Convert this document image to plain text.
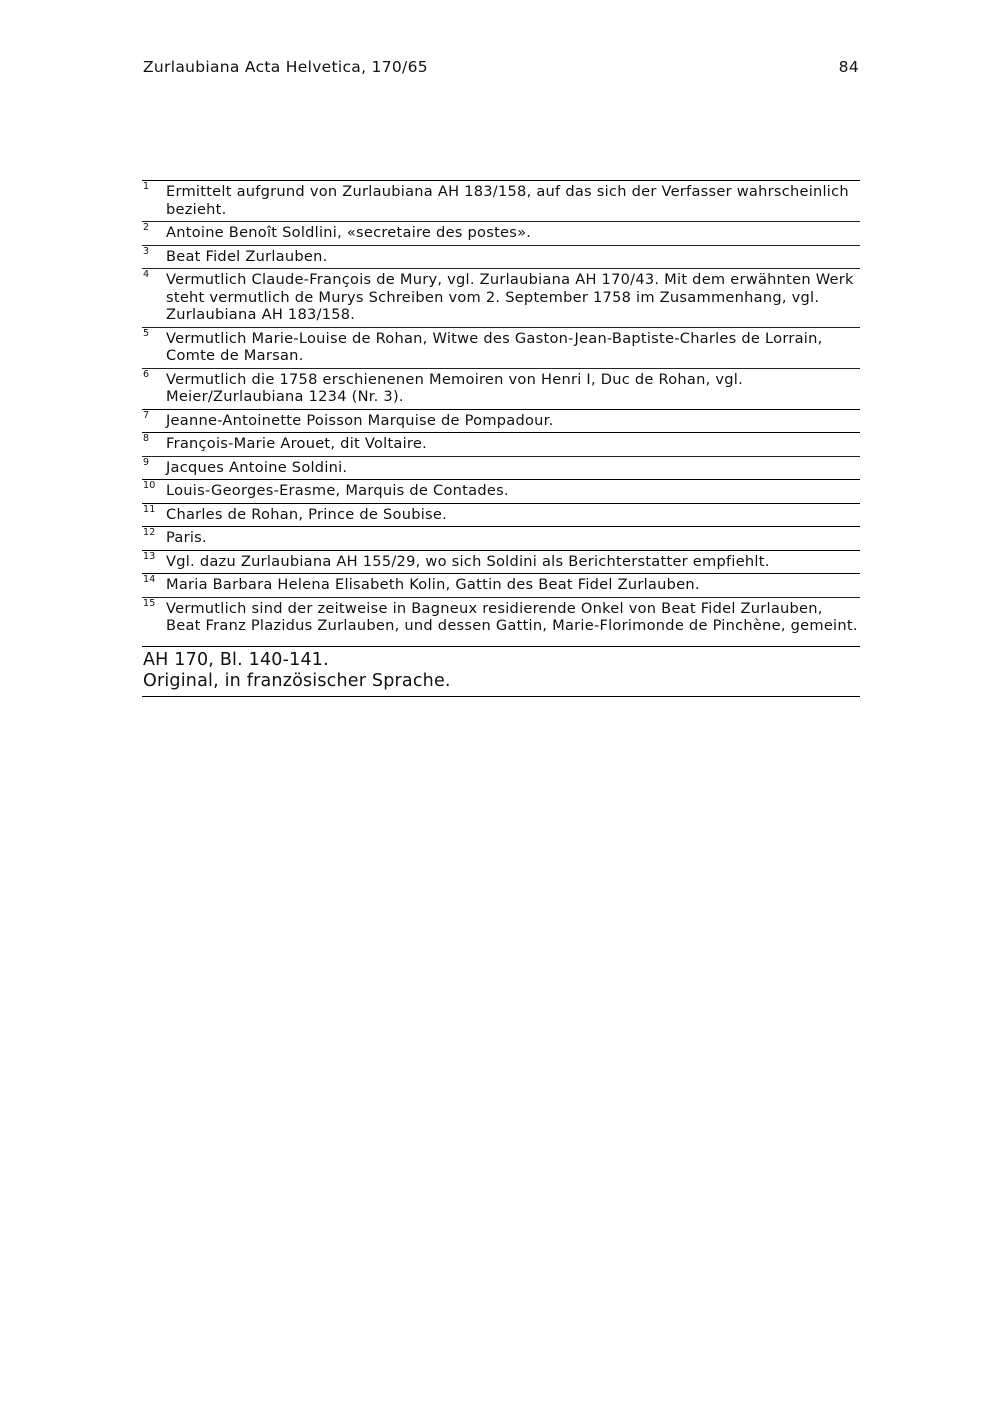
Zurlaubiana Acta Helvetica, 170/65	84
1 Ermittelt aufgrund von Zurlaubiana AH 183/158, auf das sich der Verfasser wahrscheinlich bezieht.
2 Antoine Benoît Soldlini, «secretaire des postes».
3 Beat Fidel Zurlauben.
4 Vermutlich Claude-François de Mury, vgl. Zurlaubiana AH 170/43. Mit dem erwähnten Werk steht vermutlich de Murys Schreiben vom 2. September 1758 im Zusammenhang, vgl. Zurlaubiana AH 183/158.
5 Vermutlich Marie-Louise de Rohan, Witwe des Gaston-Jean-Baptiste-Charles de Lorrain, Comte de Marsan.
6 Vermutlich die 1758 erschienenen Memoiren von Henri I, Duc de Rohan, vgl. Meier/Zurlaubiana 1234 (Nr. 3).
7 Jeanne-Antoinette Poisson Marquise de Pompadour.
8 François-Marie Arouet, dit Voltaire.
9 Jacques Antoine Soldini.
10 Louis-Georges-Erasme, Marquis de Contades.
11 Charles de Rohan, Prince de Soubise.
12 Paris.
13 Vgl. dazu Zurlaubiana AH 155/29, wo sich Soldini als Berichterstatter empfiehlt.
14 Maria Barbara Helena Elisabeth Kolin, Gattin des Beat Fidel Zurlauben.
15 Vermutlich sind der zeitweise in Bagneux residierende Onkel von Beat Fidel Zurlauben, Beat Franz Plazidus Zurlauben, und dessen Gattin, Marie-Florimonde de Pinchène, gemeint.
AH 170, Bl. 140-141.
Original, in französischer Sprache.
